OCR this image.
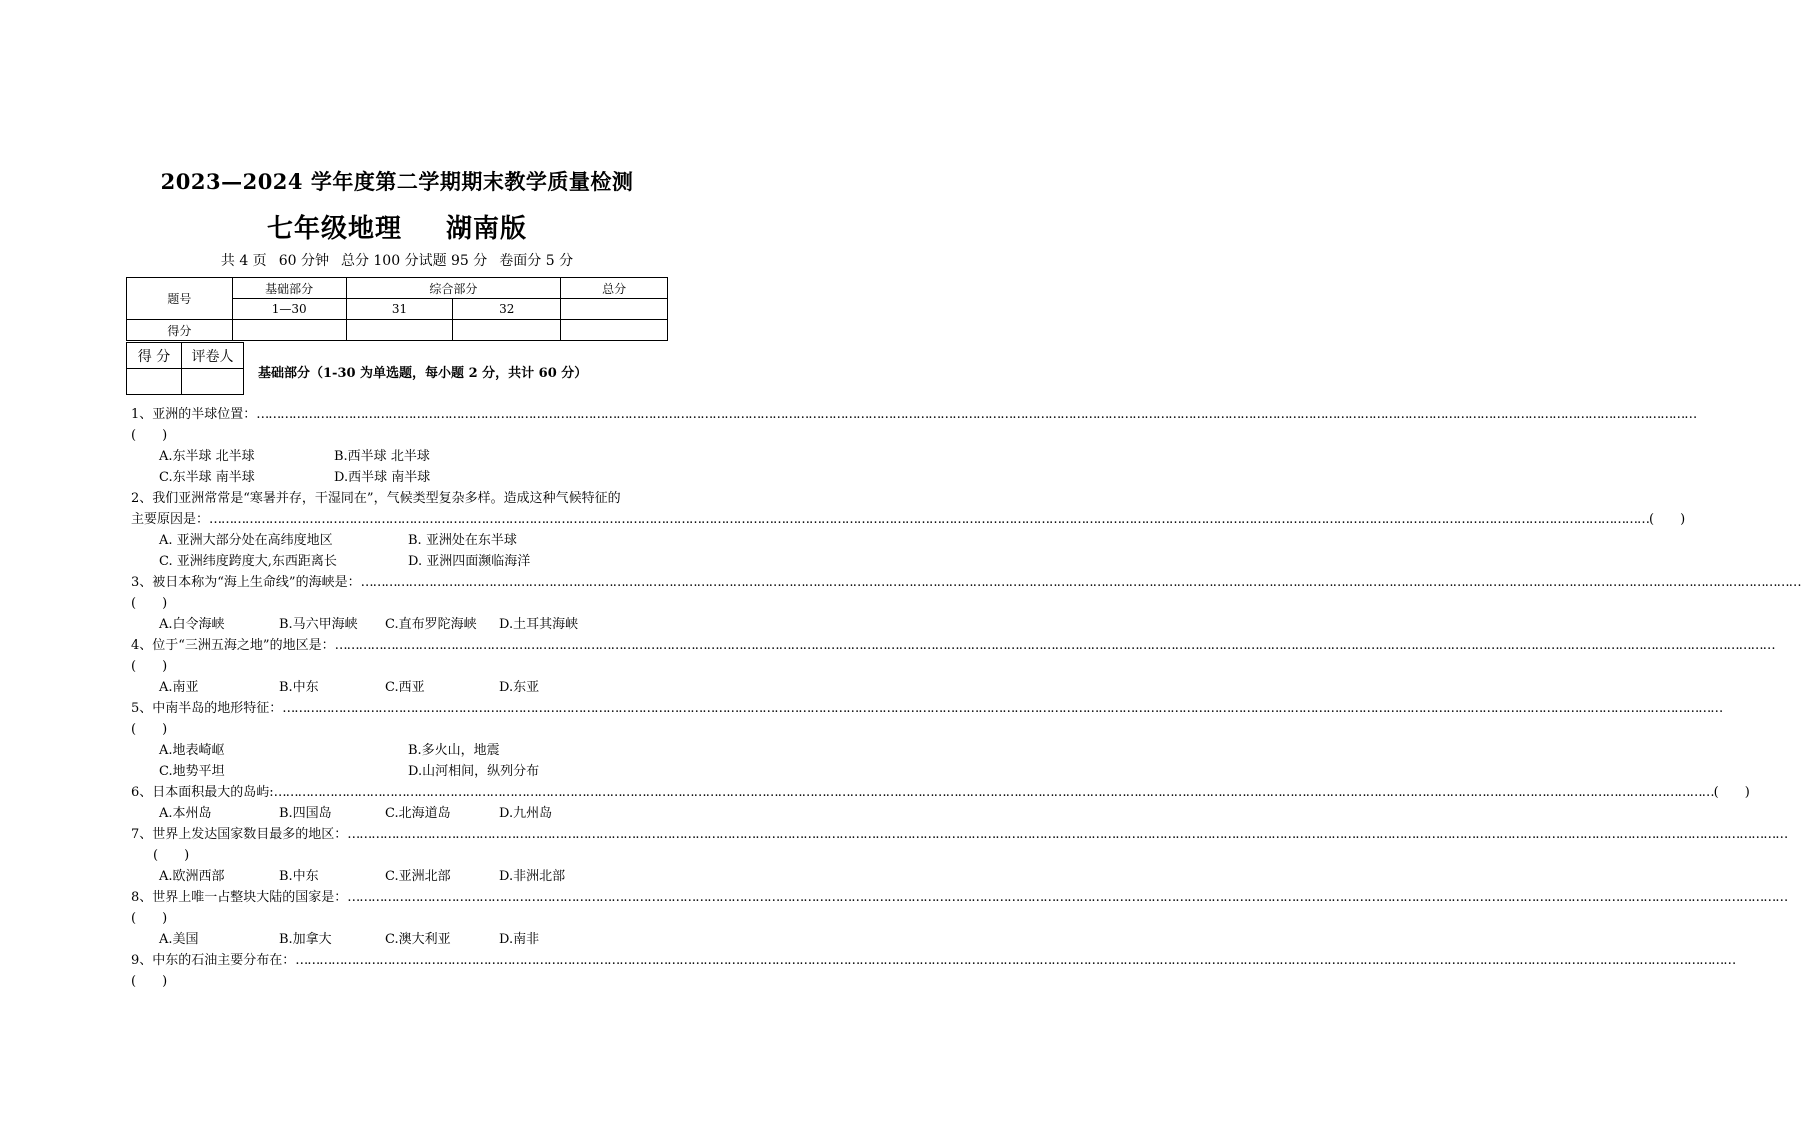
2023—2024 学年度第二学期期末教学质量检测
七年级地理 湖南版
共 4 页 60 分钟 总分 100 分试题 95 分 卷面分 5 分
题号	基础部分	综合部分		总分
	1—30	31	32	
得分				
得 分	评卷人

基础部分（1-30 为单选题，每小题 2 分，共计 60 分）
1、亚洲的半球位置： ………………………………………………………………………………………………………………………………………………………………………………………………………………………………………………………………………………………………………………………………
(　　)
A.东半球 北半球	B.西半球 北半球
C.东半球 南半球	D.西半球 南半球
2、我们亚洲常常是“寒暑并存，干湿同在”，气候类型复杂多样。造成这种气候特征的
主要原因是： ……………………………………………………………………………………………………………………………………………………………………………………………………………………………………………………………………………………………………………………………… (　　)
A. 亚洲大部分处在高纬度地区	B. 亚洲处在东半球
C. 亚洲纬度跨度大,东西距离长	D. 亚洲四面濒临海洋
3、被日本称为“海上生命线”的海峡是： ………………………………………………………………………………………………………………………………………………………………………………………………………………………………………………………………………………………………………………………………
(　　)
A.白令海峡	B.马六甲海峡 C.直布罗陀海峡 D.土耳其海峡
4、位于“三洲五海之地”的地区是： ………………………………………………………………………………………………………………………………………………………………………………………………………………………………………………………………………………………………………………………………
(　　)
A.南亚	B.中东	C.西亚	D.东亚
5、中南半岛的地形特征： ………………………………………………………………………………………………………………………………………………………………………………………………………………………………………………………………………………………………………………………………
(　　)
A.地表崎岖	B.多火山，地震
C.地势平坦	D.山河相间，纵列分布
6、日本面积最大的岛屿: ……………………………………………………………………………………………………………………………………………………………………………………………………………………………………………………………………………………………………………………………… (　　)
A.本州岛	B.四国岛	C.北海道岛	D.九州岛
7、世界上发达国家数目最多的地区： ………………………………………………………………………………………………………………………………………………………………………………………………………………………………………………………………………………………………………………………………
(　　)
A.欧洲西部	B.中东	C.亚洲北部	D.非洲北部
8、世界上唯一占整块大陆的国家是： ………………………………………………………………………………………………………………………………………………………………………………………………………………………………………………………………………………………………………………………………
(　　)
A.美国	B.加拿大	C.澳大利亚	D.南非
9、中东的石油主要分布在： ………………………………………………………………………………………………………………………………………………………………………………………………………………………………………………………………………………………………………………………………
(　　)
